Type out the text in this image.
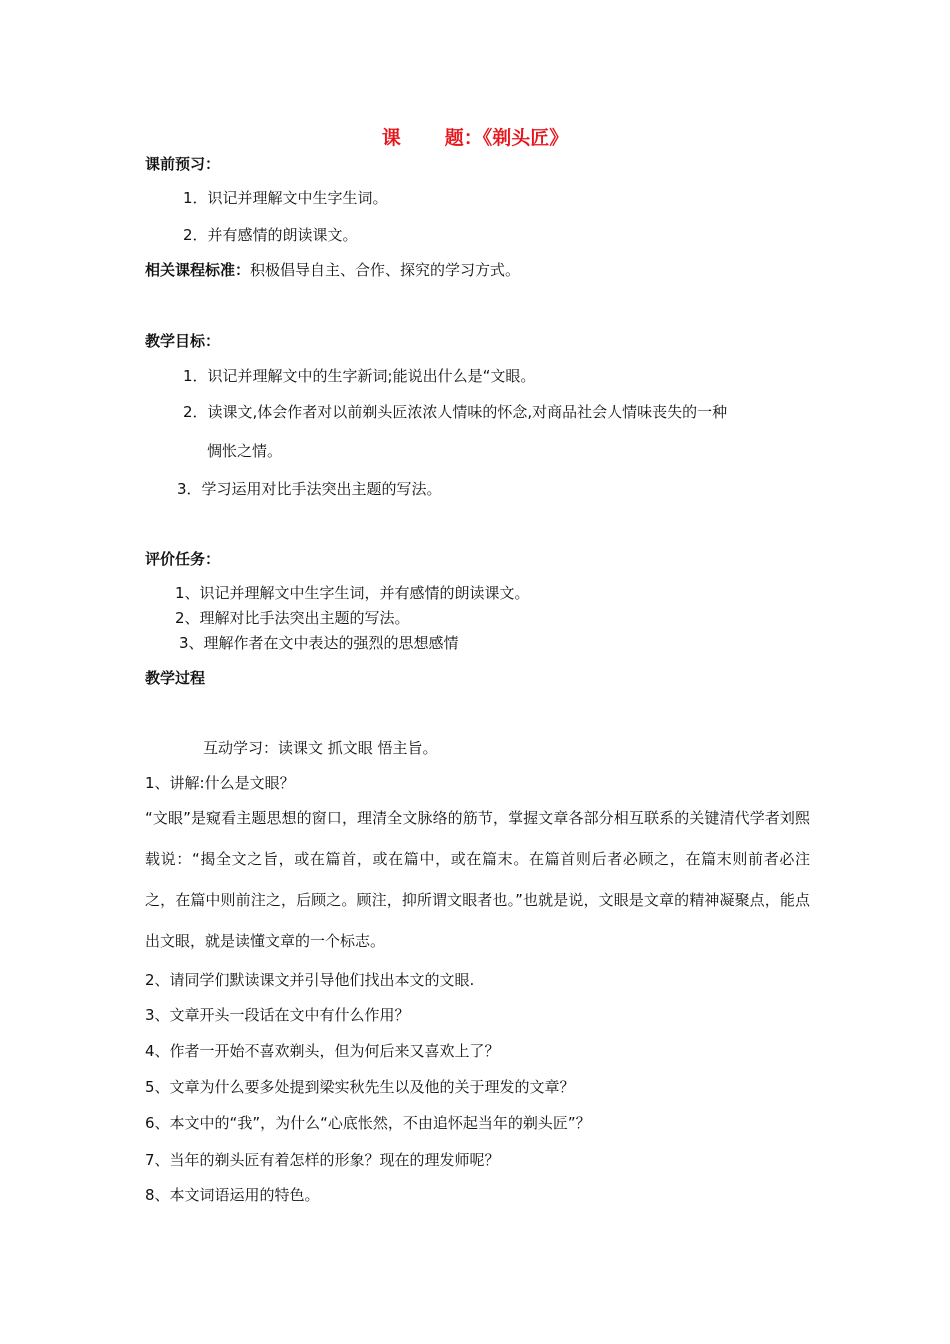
课 题：《剃头匠》
课前预习：
1．识记并理解文中生字生词。
2．并有感情的朗读课文。
相关课程标准：积极倡导自主、合作、探究的学习方式。
教学目标：
1．识记并理解文中的生字新词;能说出什么是“文眼。
2．读课文,体会作者对以前剃头匠浓浓人情味的怀念,对商品社会人情味丧失的一种
惆怅之情。
3．学习运用对比手法突出主题的写法。
评价任务：
1、识记并理解文中生字生词，并有感情的朗读课文。
2、理解对比手法突出主题的写法。
3、理解作者在文中表达的强烈的思想感情
教学过程
互动学习：读课文 抓文眼 悟主旨。
1、讲解:什么是文眼？
“文眼”是窥看主题思想的窗口，理清全文脉络的筋节，掌握文章各部分相互联系的关键清代学者刘熙载说：“揭全文之旨，或在篇首，或在篇中，或在篇末。在篇首则后者必顾之，在篇末则前者必注之，在篇中则前注之，后顾之。顾注，抑所谓文眼者也。”也就是说，文眼是文章的精神凝聚点，能点出文眼，就是读懂文章的一个标志。
2、请同学们默读课文并引导他们找出本文的文眼.
3、文章开头一段话在文中有什么作用？
4、作者一开始不喜欢剃头，但为何后来又喜欢上了？
5、文章为什么要多处提到梁实秋先生以及他的关于理发的文章？
6、本文中的“我”，为什么“心底怅然，不由追怀起当年的剃头匠”？
7、当年的剃头匠有着怎样的形象？现在的理发师呢？
8、本文词语运用的特色。
